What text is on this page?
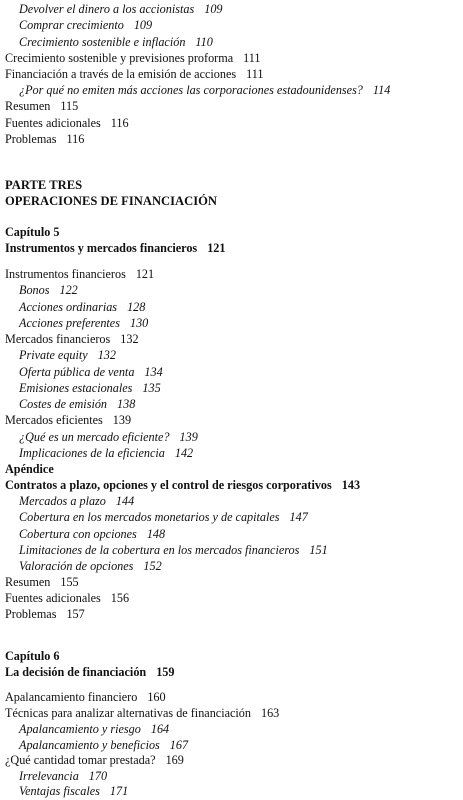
Devolver el dinero a los accionistas 109
Comprar crecimiento 109
Crecimiento sostenible e inflación 110
Crecimiento sostenible y previsiones proforma 111
Financiación a través de la emisión de acciones 111
¿Por qué no emiten más acciones las corporaciones estadounidenses? 114
Resumen 115
Fuentes adicionales 116
Problemas 116
PARTE TRES
OPERACIONES DE FINANCIACIÓN
Capítulo 5
Instrumentos y mercados financieros 121
Instrumentos financieros 121
Bonos 122
Acciones ordinarias 128
Acciones preferentes 130
Mercados financieros 132
Private equity 132
Oferta pública de venta 134
Emisiones estacionales 135
Costes de emisión 138
Mercados eficientes 139
¿Qué es un mercado eficiente? 139
Implicaciones de la eficiencia 142
Apéndice
Contratos a plazo, opciones y el control de riesgos corporativos 143
Mercados a plazo 144
Cobertura en los mercados monetarios y de capitales 147
Cobertura con opciones 148
Limitaciones de la cobertura en los mercados financieros 151
Valoración de opciones 152
Resumen 155
Fuentes adicionales 156
Problemas 157
Capítulo 6
La decisión de financiación 159
Apalancamiento financiero 160
Técnicas para analizar alternativas de financiación 163
Apalancamiento y riesgo 164
Apalancamiento y beneficios 167
¿Qué cantidad tomar prestada? 169
Irrelevancia 170
Ventajas fiscales 171
